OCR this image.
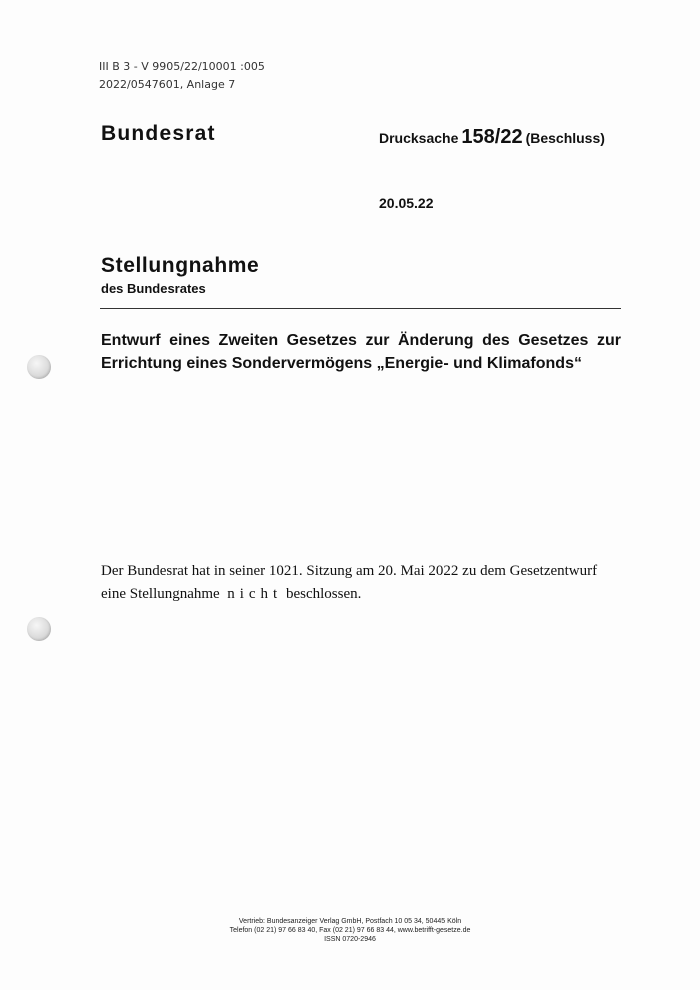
III B 3 - V 9905/22/10001 :005
2022/0547601, Anlage 7
Bundesrat	Drucksache 158/22 (Beschluss)
20.05.22
Stellungnahme
des Bundesrates
Entwurf eines Zweiten Gesetzes zur Änderung des Gesetzes zur
Errichtung eines Sondervermögens „Energie- und Klimafonds“
Der Bundesrat hat in seiner 1021. Sitzung am 20. Mai 2022 zu dem Gesetzentwurf
eine Stellungnahme nicht beschlossen.
Vertrieb: Bundesanzeiger Verlag GmbH, Postfach 10 05 34, 50445 Köln
Telefon (02 21) 97 66 83 40, Fax (02 21) 97 66 83 44, www.betrifft-gesetze.de
ISSN 0720-2946
